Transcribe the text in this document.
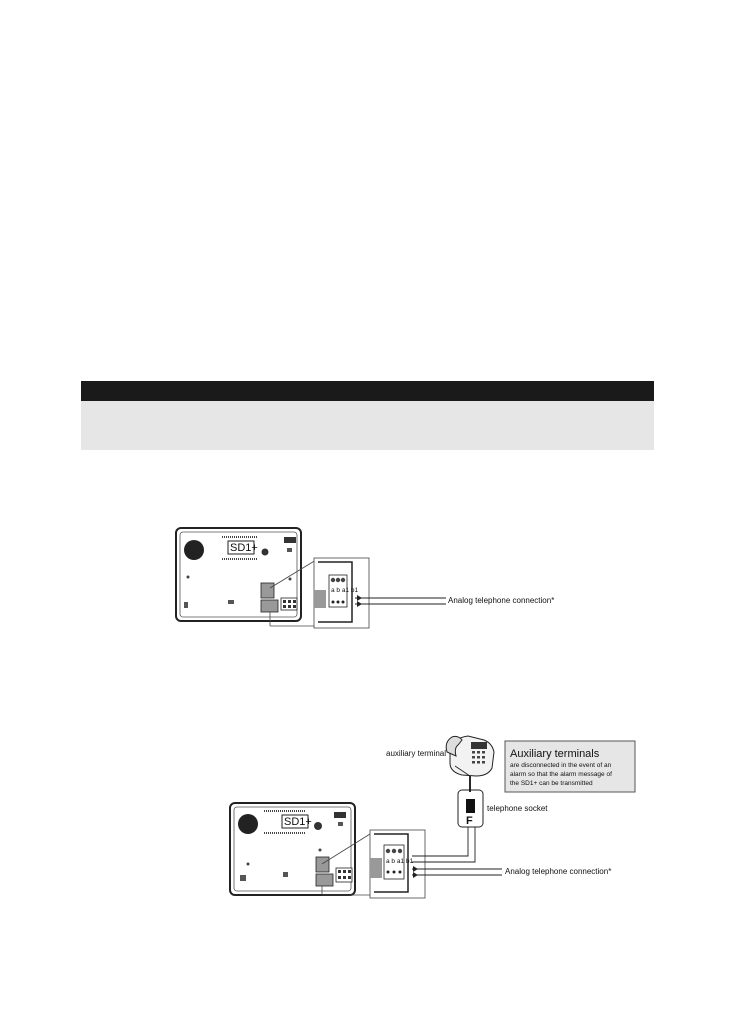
SD1+
a b a1 b1
Analog telephone connection*
SD1+
a b a1 b1
Analog telephone connection*
F
telephone socket
auxiliary terminal	Auxiliary terminals
are disconnected in the event of an
alarm so that the alarm message of
the SD1+ can be transmitted
